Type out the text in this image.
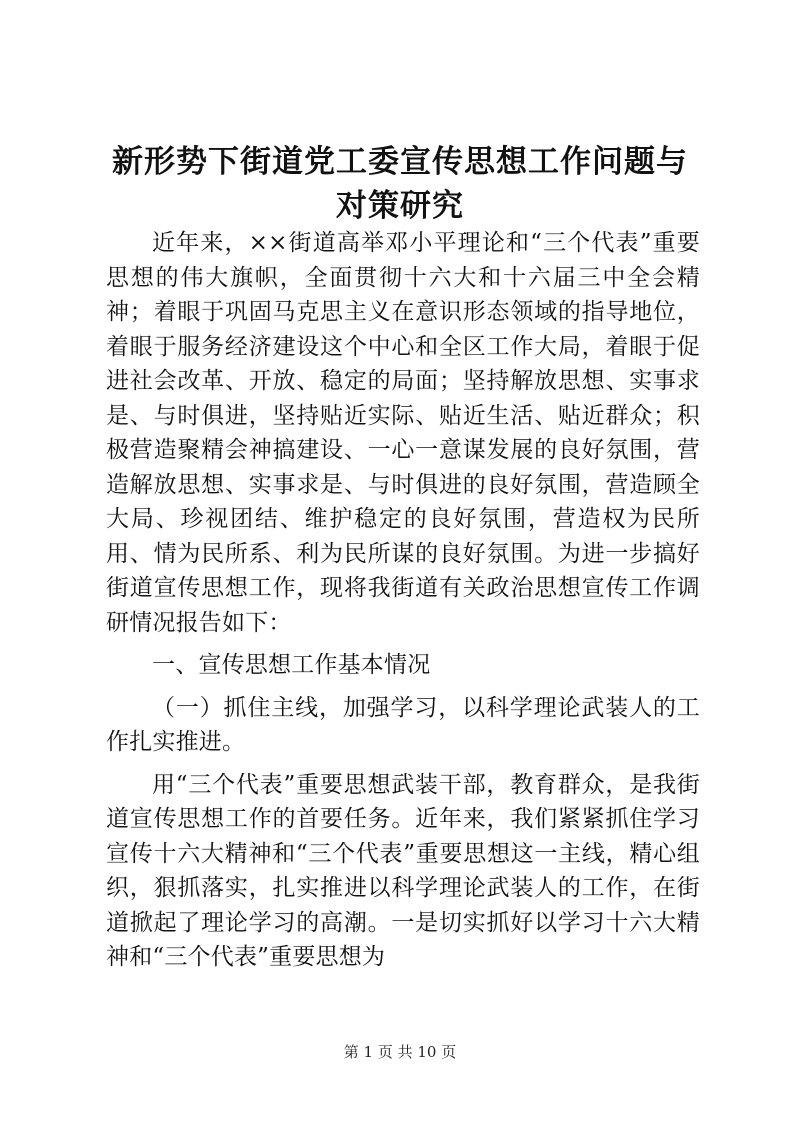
新形势下街道党工委宣传思想工作问题与对策研究

近年来，××街道高举邓小平理论和“三个代表”重要思想的伟大旗帜，全面贯彻十六大和十六届三中全会精神；着眼于巩固马克思主义在意识形态领域的指导地位，着眼于服务经济建设这个中心和全区工作大局，着眼于促进社会改革、开放、稳定的局面；坚持解放思想、实事求是、与时俱进，坚持贴近实际、贴近生活、贴近群众；积极营造聚精会神搞建设、一心一意谋发展的良好氛围，营造解放思想、实事求是、与时俱进的良好氛围，营造顾全大局、珍视团结、维护稳定的良好氛围，营造权为民所用、情为民所系、利为民所谋的良好氛围。为进一步搞好街道宣传思想工作，现将我街道有关政治思想宣传工作调研情况报告如下：

一、宣传思想工作基本情况

（一）抓住主线，加强学习，以科学理论武装人的工作扎实推进。

用“三个代表”重要思想武装干部，教育群众，是我街道宣传思想工作的首要任务。近年来，我们紧紧抓住学习宣传十六大精神和“三个代表”重要思想这一主线，精心组织，狠抓落实，扎实推进以科学理论武装人的工作，在街道掀起了理论学习的高潮。一是切实抓好以学习十六大精神和“三个代表”重要思想为

第 1 页 共 10 页
